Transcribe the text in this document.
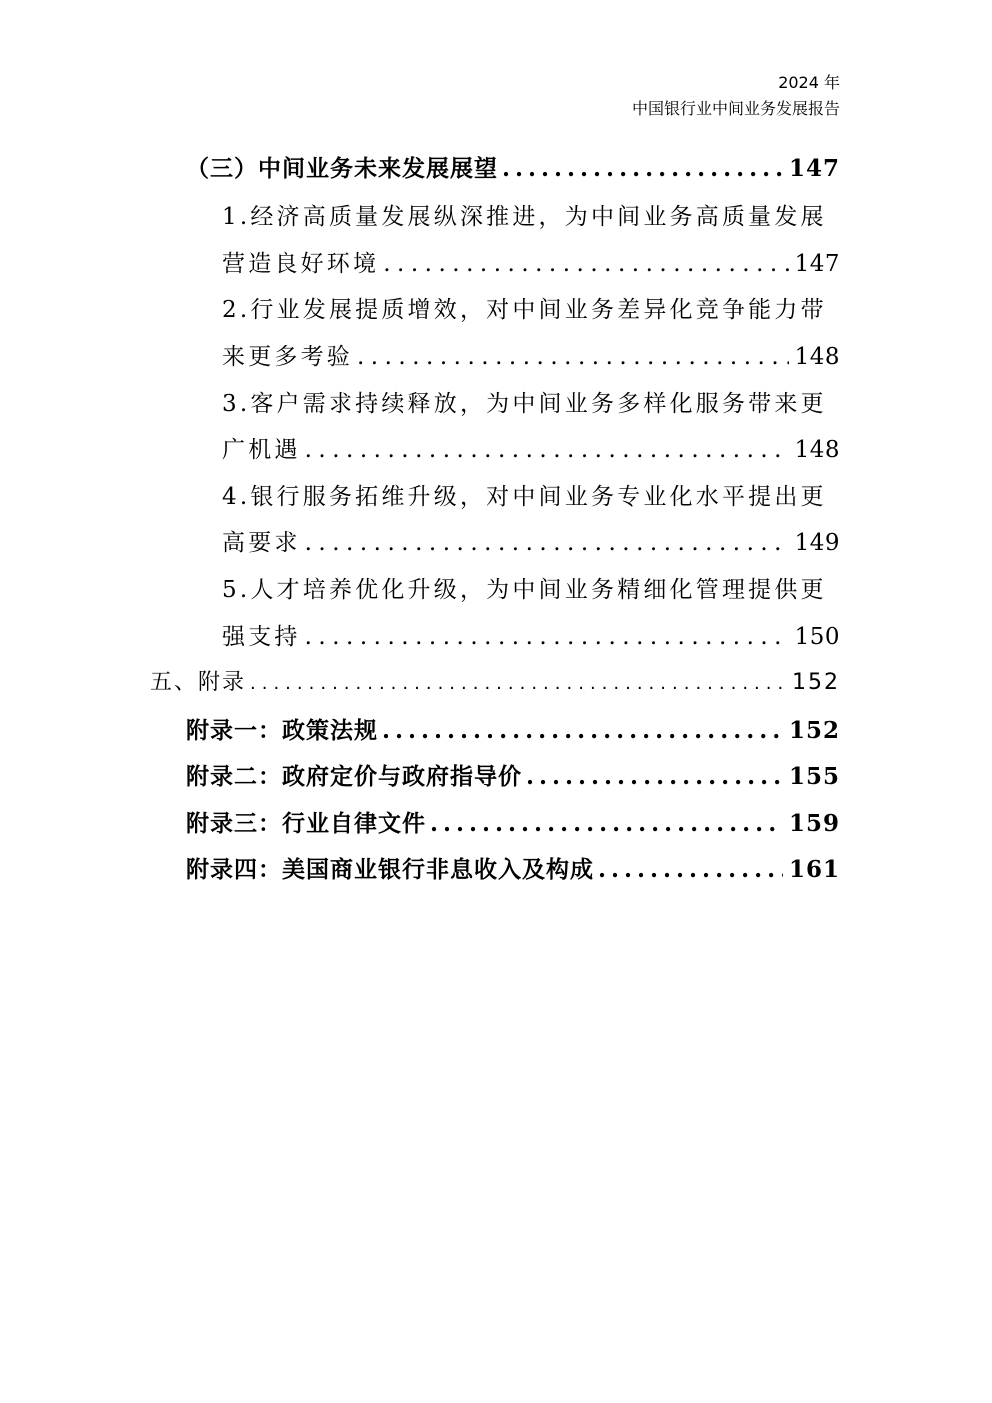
2024 年
中国银行业中间业务发展报告
（三）中间业务未来发展展望 .....	147
1.经济高质量发展纵深推进，为中间业务高质量发展
营造良好环境 .....	147
2.行业发展提质增效，对中间业务差异化竞争能力带
来更多考验 .....	148
3.客户需求持续释放，为中间业务多样化服务带来更
广机遇 .....	148
4.银行服务拓维升级，对中间业务专业化水平提出更
高要求 .....	149
5.人才培养优化升级，为中间业务精细化管理提供更
强支持 .....	150
五、附录 .....	152
附录一：政策法规 .....	152
附录二：政府定价与政府指导价 .....	155
附录三：行业自律文件 .....	159
附录四：美国商业银行非息收入及构成 .....	161
